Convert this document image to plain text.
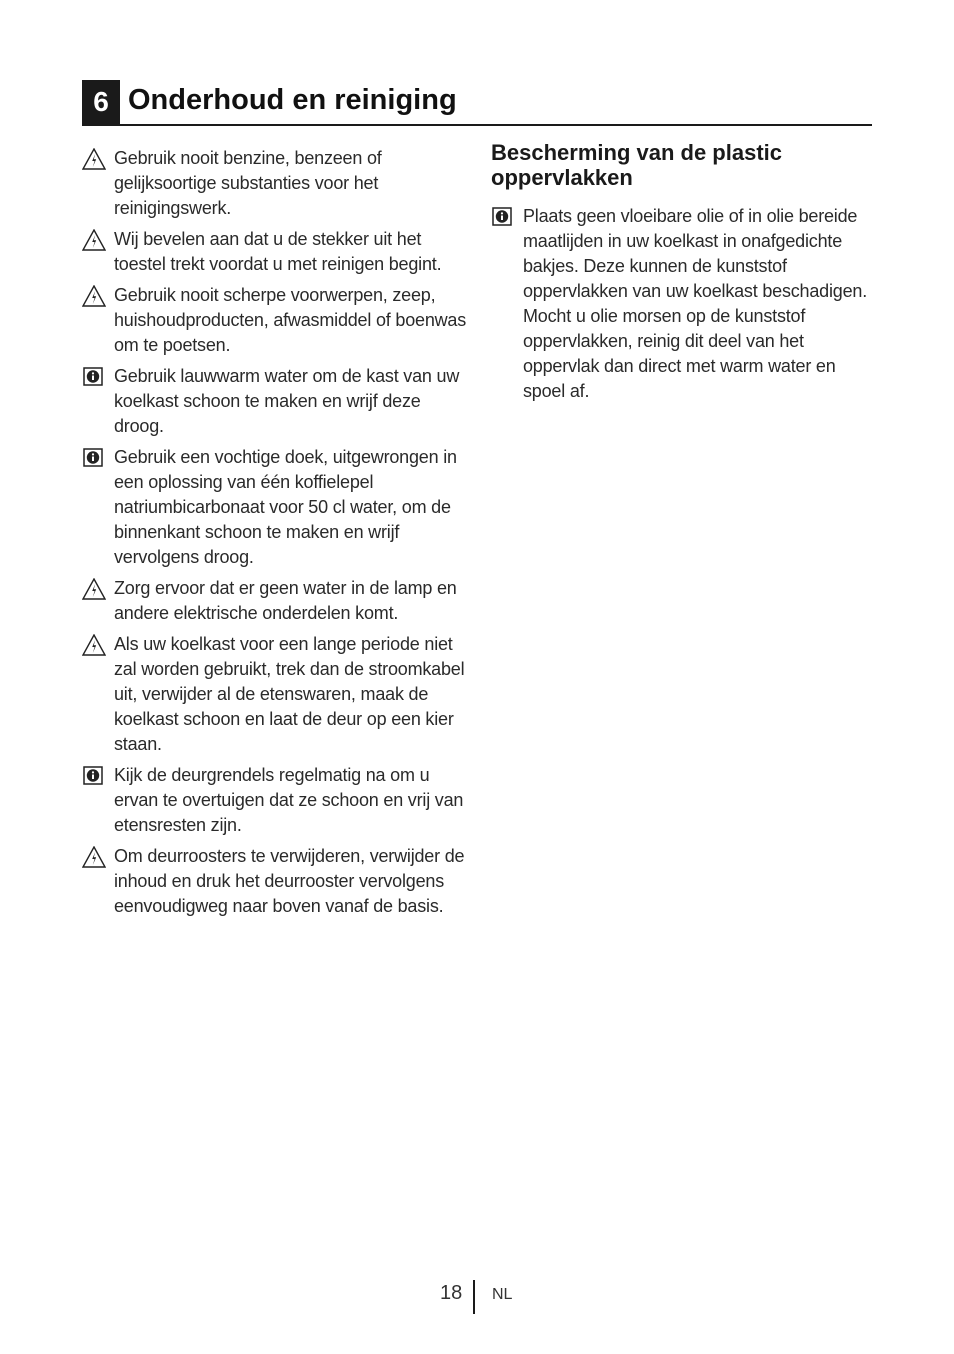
6 Onderhoud en reiniging
Gebruik nooit benzine, benzeen of gelijksoortige substanties voor het reinigingswerk.
Wij bevelen aan dat u de stekker uit het toestel trekt voordat u met reinigen begint.
Gebruik nooit scherpe voorwerpen, zeep, huishoudproducten, afwasmiddel of boenwas om te poetsen.
Gebruik lauwwarm water om de kast van uw koelkast schoon te maken en wrijf deze droog.
Gebruik een vochtige doek, uitgewrongen in een oplossing van één koffielepel natriumbicarbonaat voor 50 cl water, om de binnenkant schoon te maken en wrijf vervolgens droog.
Zorg ervoor dat er geen water in de lamp en andere elektrische onderdelen komt.
Als uw koelkast voor een lange periode niet zal worden gebruikt, trek dan de stroomkabel uit, verwijder al de etenswaren, maak de koelkast schoon en laat de deur op een kier staan.
Kijk de deurgrendels regelmatig na om u ervan te overtuigen dat ze schoon en vrij van etensresten zijn.
Om deurroosters te verwijderen, verwijder de inhoud en druk het deurrooster vervolgens eenvoudigweg naar boven vanaf de basis.
Bescherming van de plastic oppervlakken
Plaats geen vloeibare olie of in olie bereide maatlijden in uw koelkast in onafgedichte bakjes. Deze kunnen de kunststof oppervlakken van uw koelkast beschadigen. Mocht u olie morsen op de kunststof oppervlakken, reinig dit deel van het oppervlak dan direct met warm water en spoel af.
18 NL
